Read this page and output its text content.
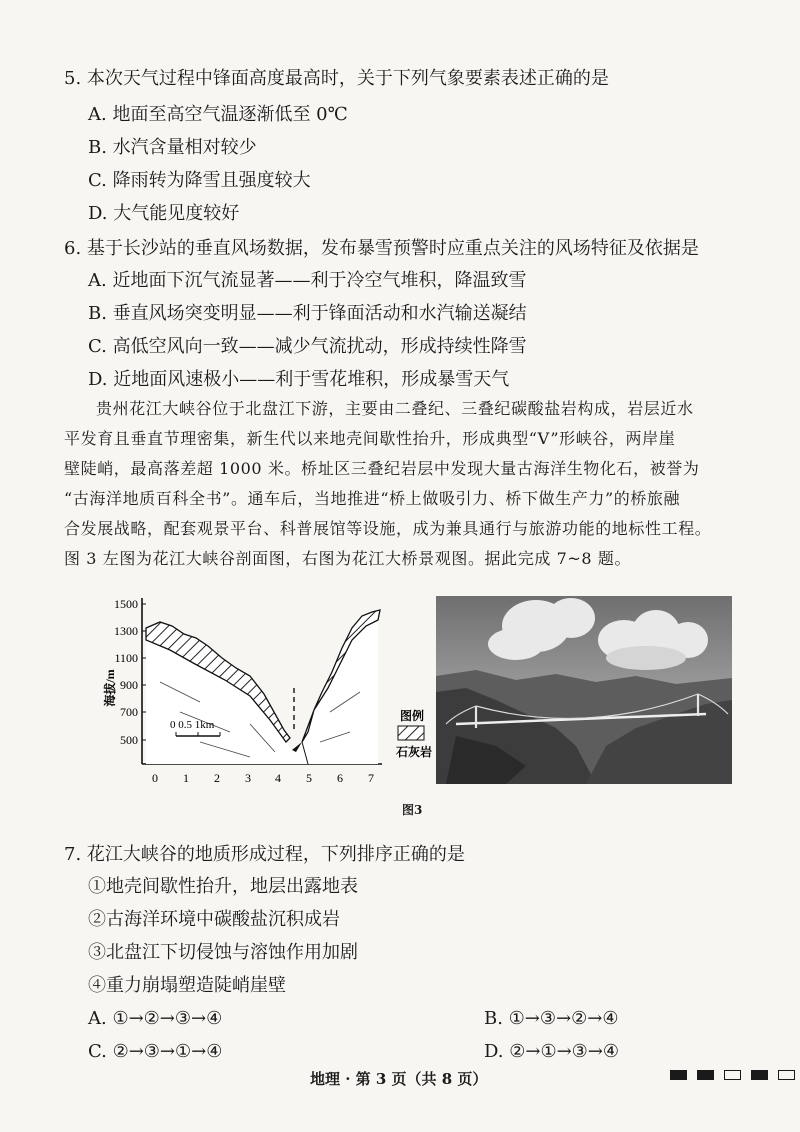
5. 本次天气过程中锋面高度最高时，关于下列气象要素表述正确的是
A. 地面至高空气温逐渐低至 0℃
B. 水汽含量相对较少
C. 降雨转为降雪且强度较大
D. 大气能见度较好
6. 基于长沙站的垂直风场数据，发布暴雪预警时应重点关注的风场特征及依据是
A. 近地面下沉气流显著——利于冷空气堆积，降温致雪
B. 垂直风场突变明显——利于锋面活动和水汽输送凝结
C. 高低空风向一致——减少气流扰动，形成持续性降雪
D. 近地面风速极小——利于雪花堆积，形成暴雪天气
贵州花江大峡谷位于北盘江下游，主要由二叠纪、三叠纪碳酸盐岩构成，岩层近水
平发育且垂直节理密集，新生代以来地壳间歇性抬升，形成典型“V”形峡谷，两岸崖
壁陡峭，最高落差超 1000 米。桥址区三叠纪岩层中发现大量古海洋生物化石，被誉为
“古海洋地质百科全书”。通车后，当地推进“桥上做吸引力、桥下做生产力”的桥旅融
合发展战略，配套观景平台、科普展馆等设施，成为兼具通行与旅游功能的地标性工程。
图 3 左图为花江大峡谷剖面图，右图为花江大桥景观图。据此完成 7~8 题。
1500
1300
1100
900
700
500
海拔/m
0 1 2 3 4 5 6 7
0 0.5 1km
图例
石灰岩
图3
7. 花江大峡谷的地质形成过程，下列排序正确的是
①地壳间歇性抬升，地层出露地表
②古海洋环境中碳酸盐沉积成岩
③北盘江下切侵蚀与溶蚀作用加剧
④重力崩塌塑造陡峭崖壁
A. ①→②→③→④	B. ①→③→②→④
C. ②→③→①→④	D. ②→①→③→④
地理 · 第 3 页（共 8 页）
